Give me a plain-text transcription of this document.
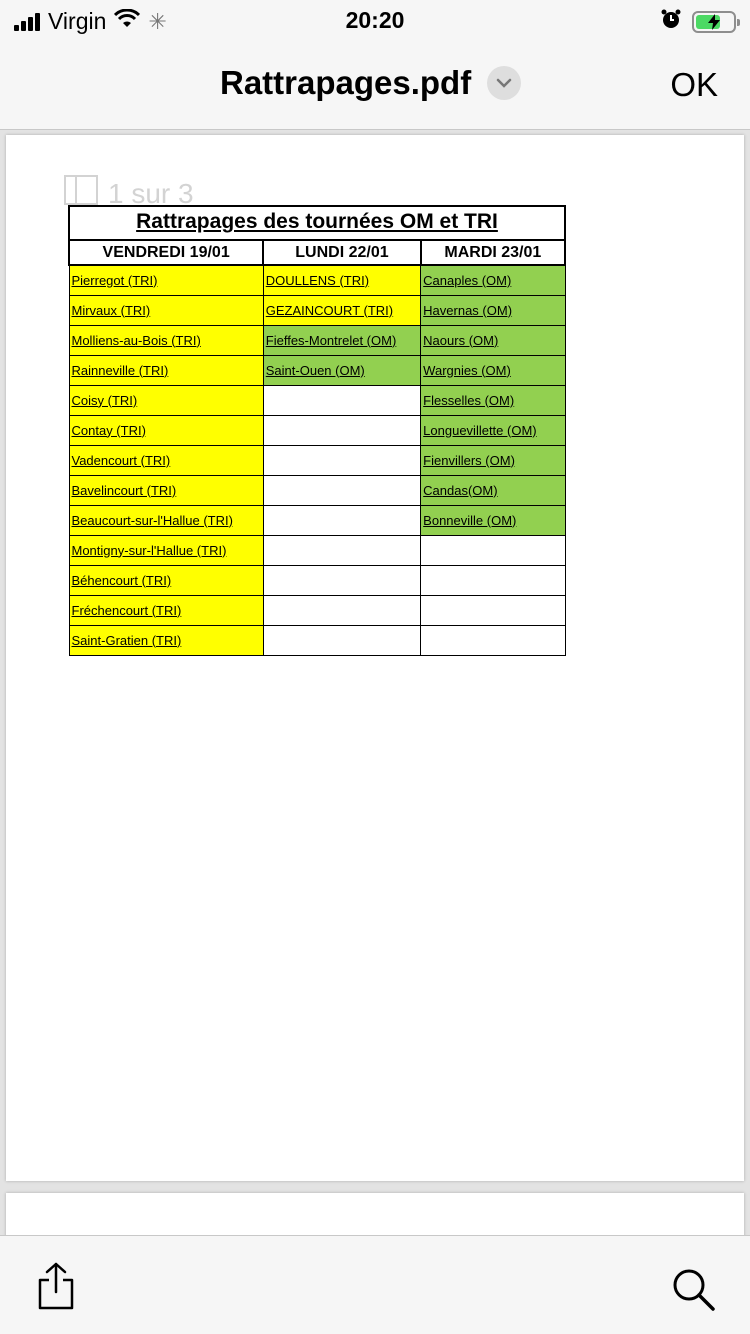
Virgin ✳	20:20
Rattrapages.pdf	OK
1 sur 3
Rattrapages des tournées OM et TRI
VENDREDI 19/01	LUNDI 22/01	MARDI 23/01
Pierregot (TRI)	DOULLENS (TRI)	Canaples (OM)
Mirvaux (TRI)	GEZAINCOURT (TRI)	Havernas (OM)
Molliens-au-Bois (TRI)	Fieffes-Montrelet (OM)	Naours (OM)
Rainneville (TRI)	Saint-Ouen (OM)	Wargnies (OM)
Coisy (TRI)		Flesselles (OM)
Contay (TRI)		Longuevillette (OM)
Vadencourt (TRI)		Fienvillers (OM)
Bavelincourt (TRI)		Candas(OM)
Beaucourt-sur-l'Hallue (TRI)		Bonneville (OM)
Montigny-sur-l'Hallue (TRI)		
Béhencourt (TRI)		
Fréchencourt (TRI)		
Saint-Gratien (TRI)		
